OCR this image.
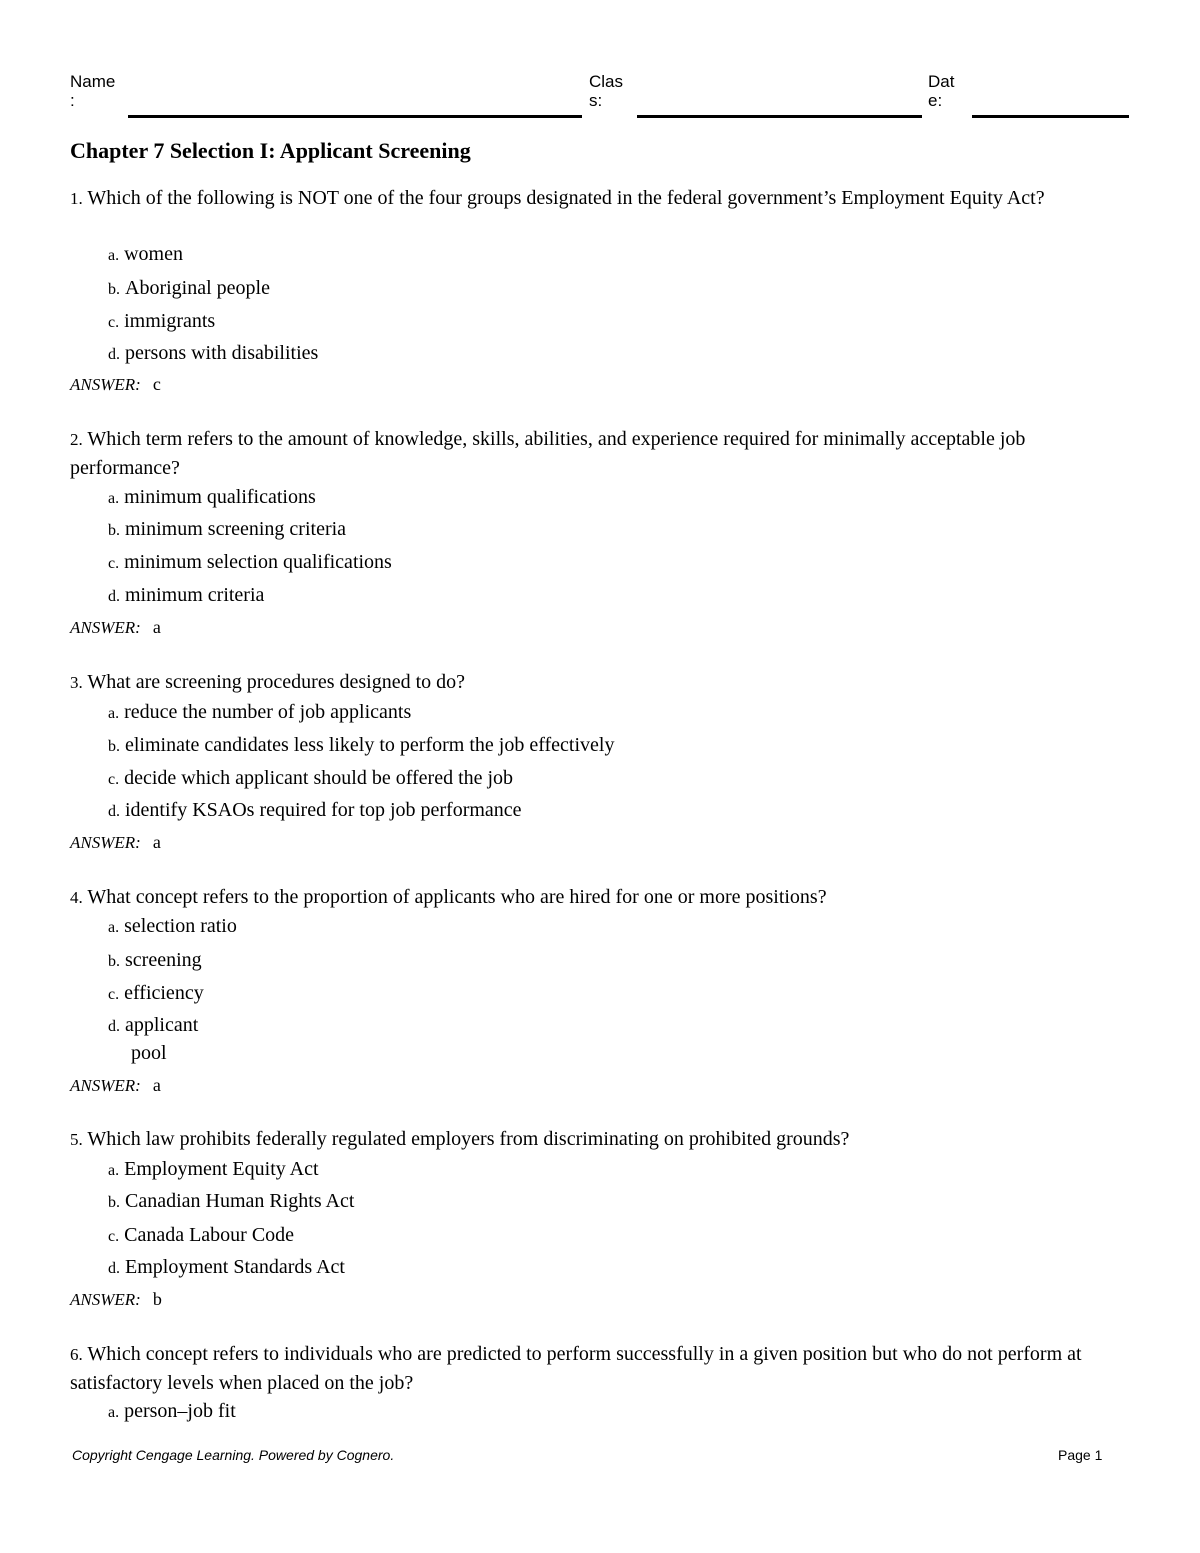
Name
:
Clas
s:
Dat
e:
Chapter 7 Selection I: Applicant Screening
1. Which of the following is NOT one of the four groups designated in the federal government’s Employment Equity Act?
a. women
b. Aboriginal people
c. immigrants
d. persons with disabilities
ANSWER: c
2. Which term refers to the amount of knowledge, skills, abilities, and experience required for minimally acceptable job performance?
a. minimum qualifications
b. minimum screening criteria
c. minimum selection qualifications
d. minimum criteria
ANSWER: a
3. What are screening procedures designed to do?
a. reduce the number of job applicants
b. eliminate candidates less likely to perform the job effectively
c. decide which applicant should be offered the job
d. identify KSAOs required for top job performance
ANSWER: a
4. What concept refers to the proportion of applicants who are hired for one or more positions?
a. selection ratio
b. screening
c. efficiency
d. applicant
pool
ANSWER: a
5. Which law prohibits federally regulated employers from discriminating on prohibited grounds?
a. Employment Equity Act
b. Canadian Human Rights Act
c. Canada Labour Code
d. Employment Standards Act
ANSWER: b
6. Which concept refers to individuals who are predicted to perform successfully in a given position but who do not perform at satisfactory levels when placed on the job?
a. person–job fit
Copyright Cengage Learning. Powered by Cognero.	Page 1
